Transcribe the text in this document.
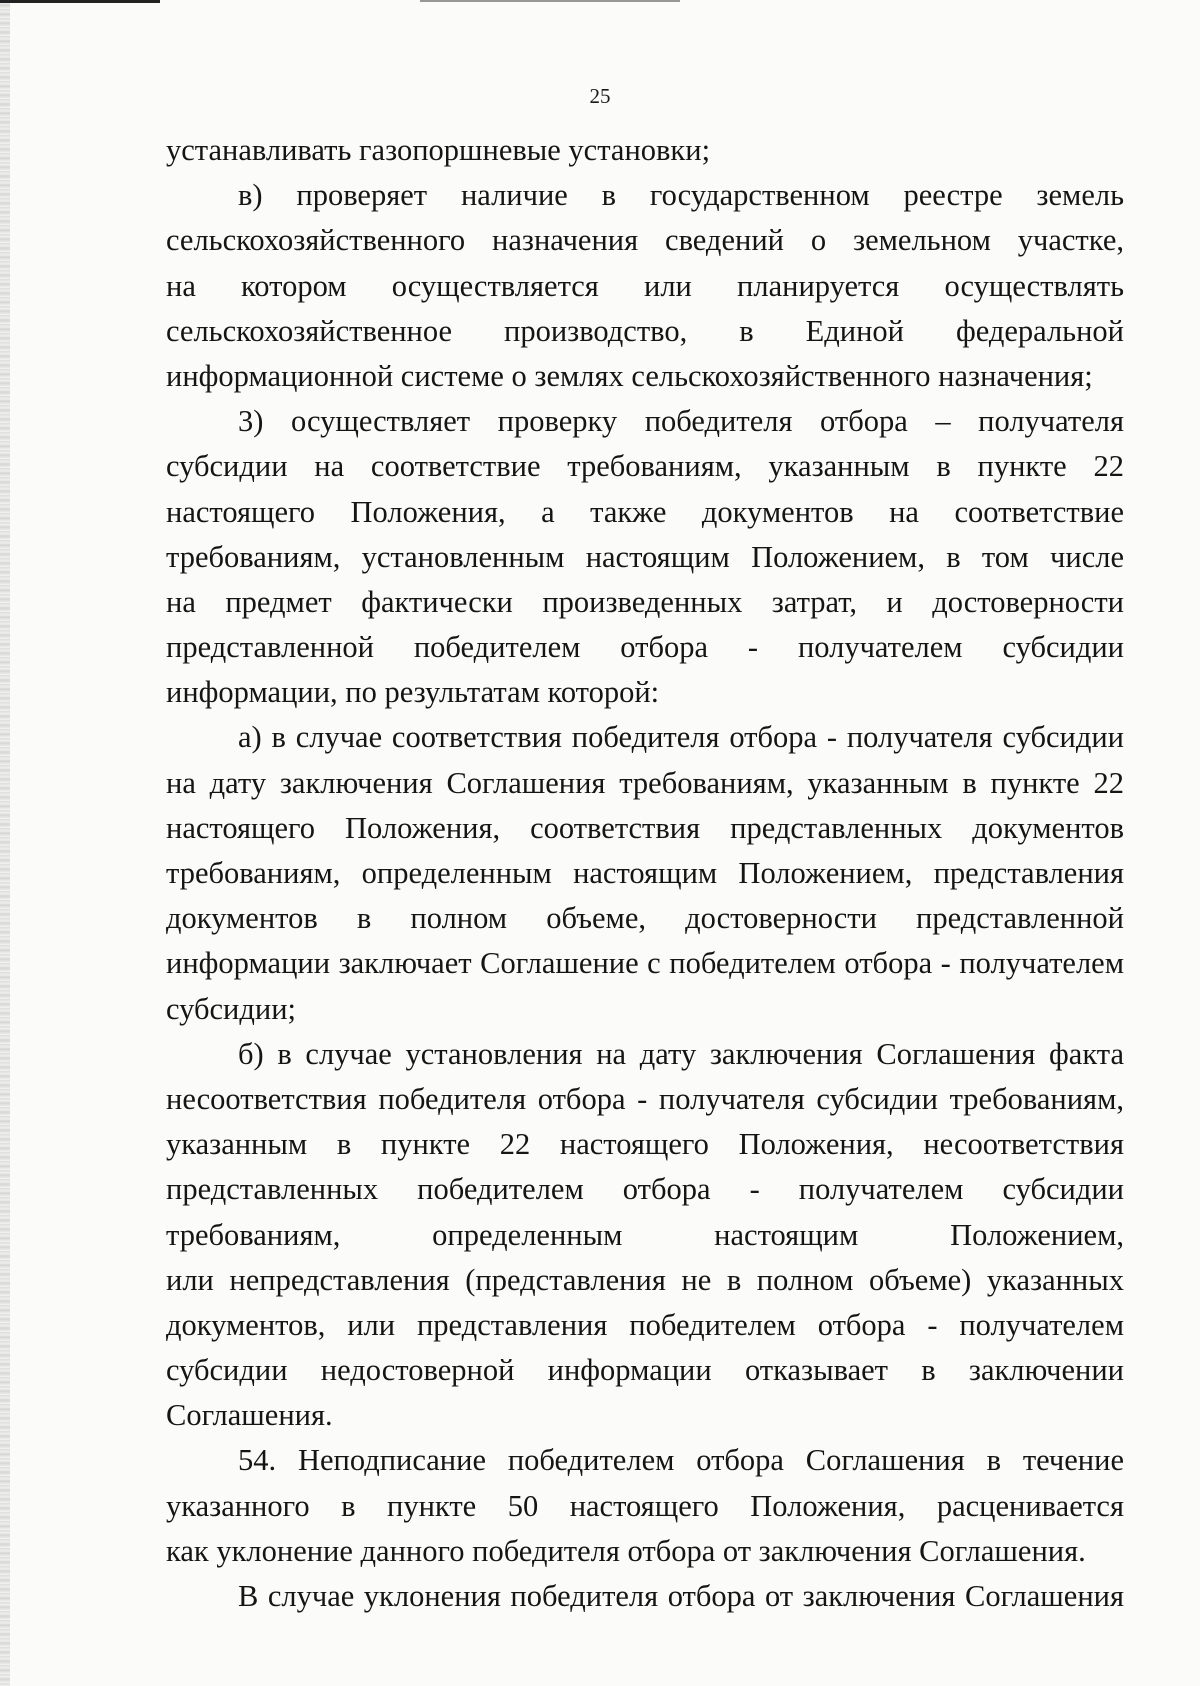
25
устанавливать газопоршневые установки;
в) проверяет наличие в государственном реестре земель
сельскохозяйственного назначения сведений о земельном участке,
на котором осуществляется или планируется осуществлять
сельскохозяйственное производство, в Единой федеральной
информационной системе о землях сельскохозяйственного назначения;
3) осуществляет проверку победителя отбора – получателя
субсидии на соответствие требованиям, указанным в пункте 22
настоящего Положения, а также документов на соответствие
требованиям, установленным настоящим Положением, в том числе
на предмет фактически произведенных затрат, и достоверности
представленной победителем отбора - получателем субсидии
информации, по результатам которой:
а) в случае соответствия победителя отбора - получателя субсидии
на дату заключения Соглашения требованиям, указанным в пункте 22
настоящего Положения, соответствия представленных документов
требованиям, определенным настоящим Положением, представления
документов в полном объеме, достоверности представленной
информации заключает Соглашение с победителем отбора - получателем
субсидии;
б) в случае установления на дату заключения Соглашения факта
несоответствия победителя отбора - получателя субсидии требованиям,
указанным в пункте 22 настоящего Положения, несоответствия
представленных победителем отбора - получателем субсидии
требованиям, определенным настоящим Положением,
или непредставления (представления не в полном объеме) указанных
документов, или представления победителем отбора - получателем
субсидии недостоверной информации отказывает в заключении
Соглашения.
54. Неподписание победителем отбора Соглашения в течение
указанного в пункте 50 настоящего Положения, расценивается
как уклонение данного победителя отбора от заключения Соглашения.
В случае уклонения победителя отбора от заключения Соглашения
